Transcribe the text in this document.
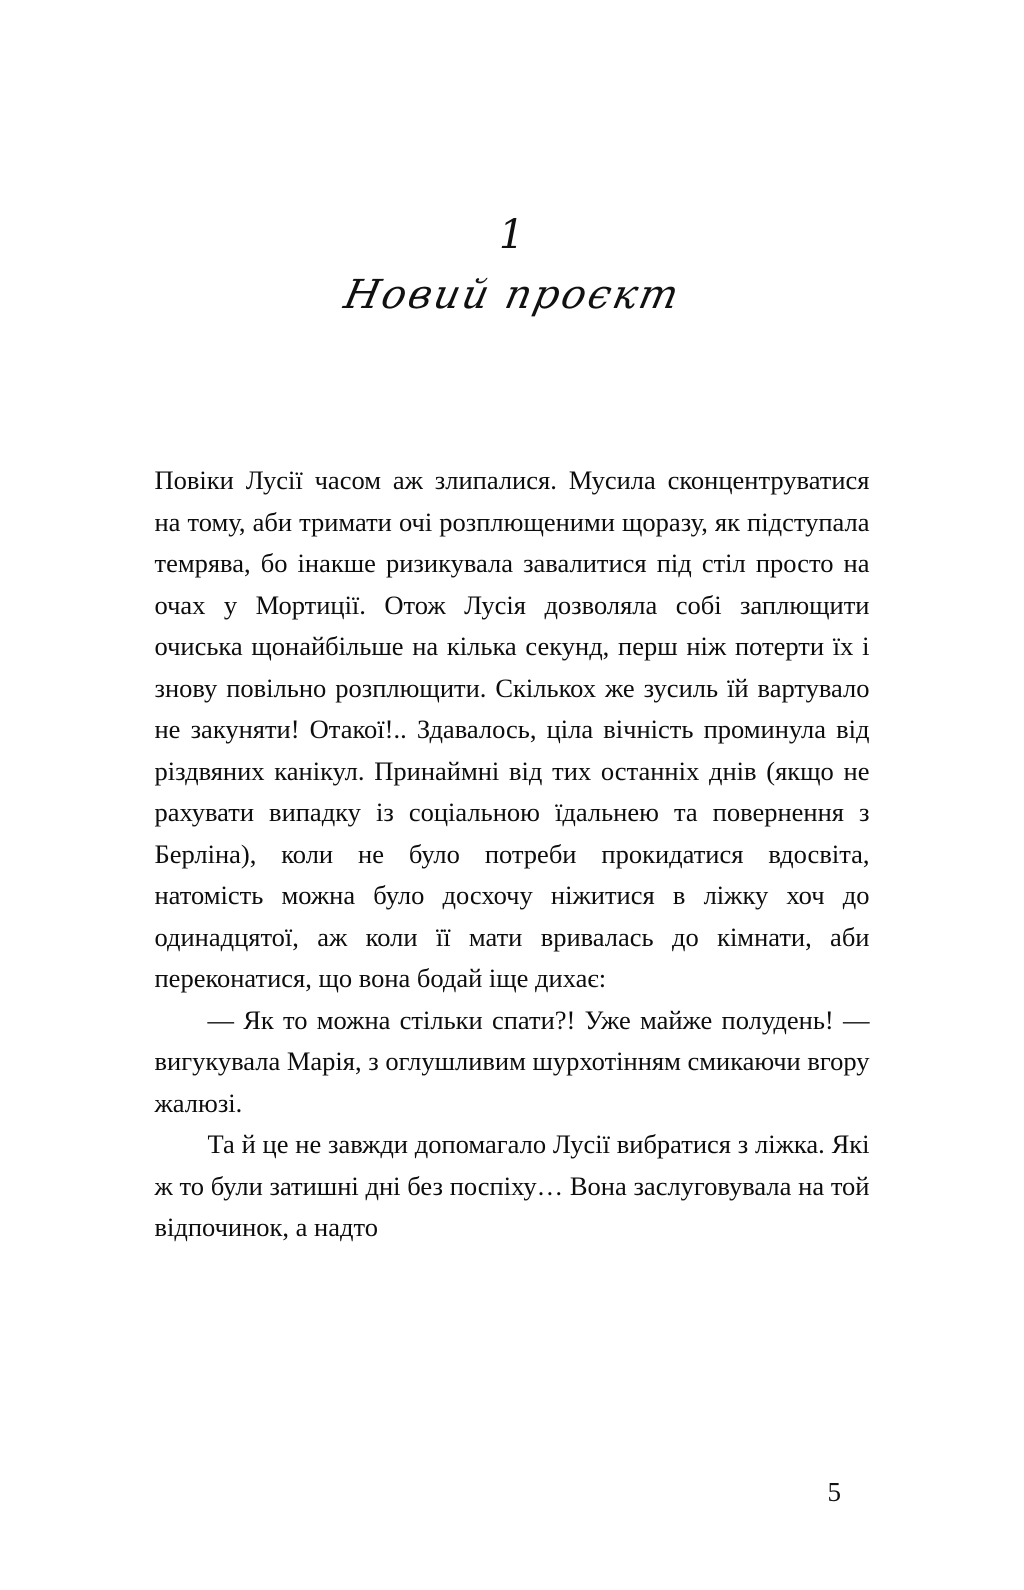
1
Новий проєкт

Повіки Лусії часом аж злипалися. Мусила сконцентруватися на тому, аби тримати очі розплющеними щоразу, як підступала темрява, бо інакше ризикувала завалитися під стіл просто на очах у Мортиції. Отож Лусія дозволяла собі заплющити очиська щонайбільше на кілька секунд, перш ніж потерти їх і знову повільно розплющити. Скількох же зусиль їй вартувало не закуняти! Отакої!.. Здавалось, ціла вічність проминула від різдвяних канікул. Принаймні від тих останніх днів (якщо не рахувати випадку із соціальною їдальнею та повернення з Берліна), коли не було потреби прокидатися вдосвіта, натомість можна було досхочу ніжитися в ліжку хоч до одинадцятої, аж коли її мати вривалась до кімнати, аби переконатися, що вона бодай іще дихає:

— Як то можна стільки спати?! Уже майже полудень! — вигукувала Марія, з оглушливим шурхотінням смикаючи вгору жалюзі.

Та й це не завжди допомагало Лусії вибратися з ліжка. Які ж то були затишні дні без поспіху… Вона заслуговувала на той відпочинок, а надто

5
